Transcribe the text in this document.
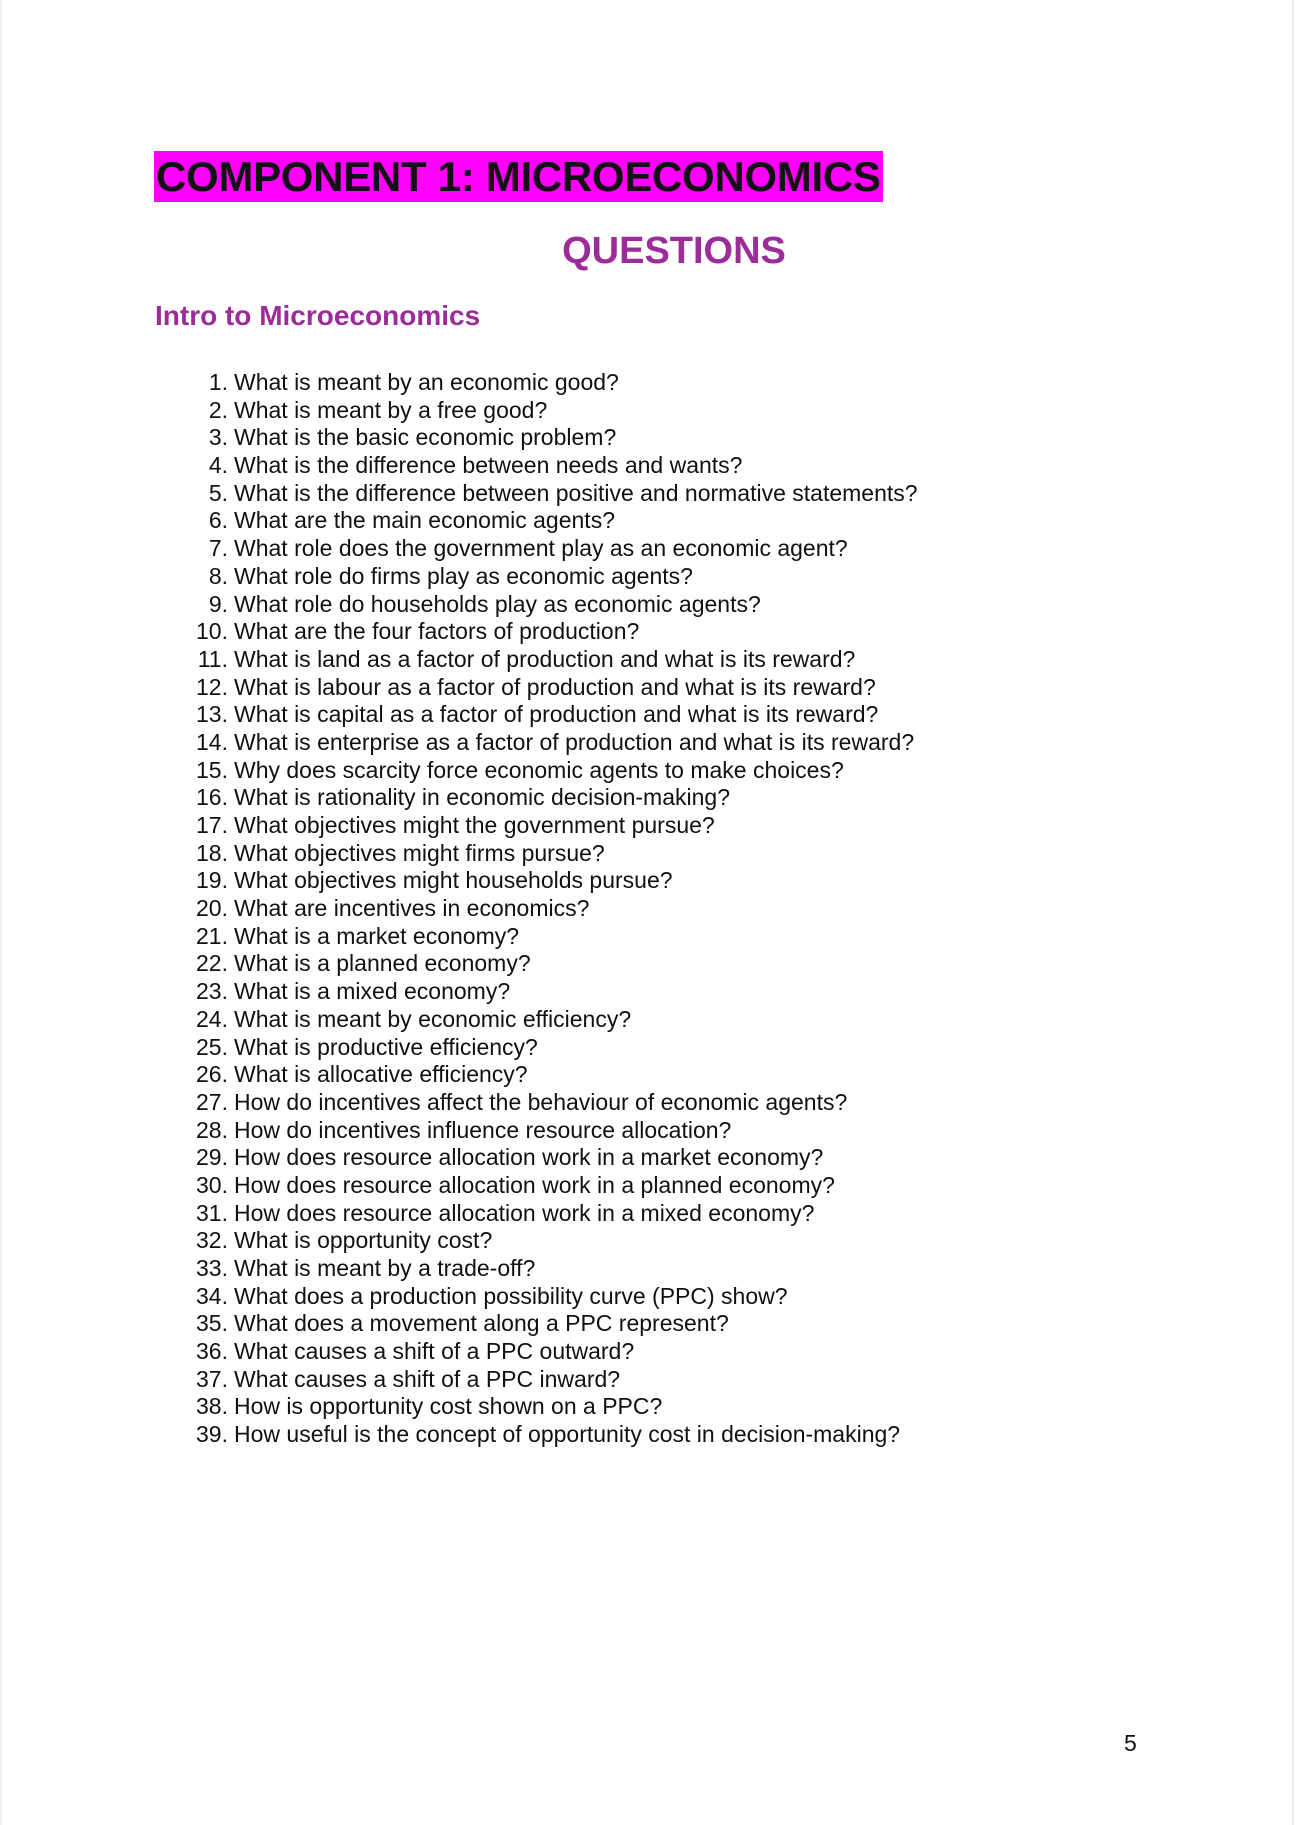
COMPONENT 1: MICROECONOMICS
QUESTIONS
Intro to Microeconomics
1. What is meant by an economic good?
2. What is meant by a free good?
3. What is the basic economic problem?
4. What is the difference between needs and wants?
5. What is the difference between positive and normative statements?
6. What are the main economic agents?
7. What role does the government play as an economic agent?
8. What role do firms play as economic agents?
9. What role do households play as economic agents?
10. What are the four factors of production?
11. What is land as a factor of production and what is its reward?
12. What is labour as a factor of production and what is its reward?
13. What is capital as a factor of production and what is its reward?
14. What is enterprise as a factor of production and what is its reward?
15. Why does scarcity force economic agents to make choices?
16. What is rationality in economic decision-making?
17. What objectives might the government pursue?
18. What objectives might firms pursue?
19. What objectives might households pursue?
20. What are incentives in economics?
21. What is a market economy?
22. What is a planned economy?
23. What is a mixed economy?
24. What is meant by economic efficiency?
25. What is productive efficiency?
26. What is allocative efficiency?
27. How do incentives affect the behaviour of economic agents?
28. How do incentives influence resource allocation?
29. How does resource allocation work in a market economy?
30. How does resource allocation work in a planned economy?
31. How does resource allocation work in a mixed economy?
32. What is opportunity cost?
33. What is meant by a trade-off?
34. What does a production possibility curve (PPC) show?
35. What does a movement along a PPC represent?
36. What causes a shift of a PPC outward?
37. What causes a shift of a PPC inward?
38. How is opportunity cost shown on a PPC?
39. How useful is the concept of opportunity cost in decision-making?
5
